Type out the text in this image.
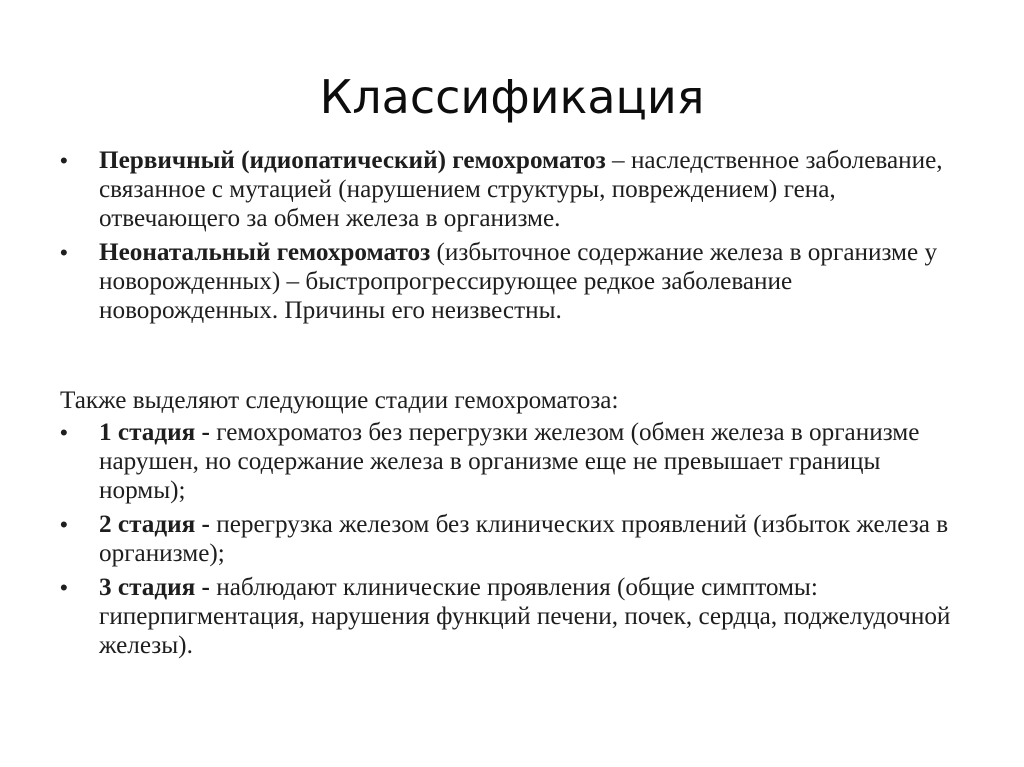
Классификация
• Первичный (идиопатический) гемохроматоз – наследственное заболевание, связанное с мутацией (нарушением структуры, повреждением) гена, отвечающего за обмен железа в организме.
• Неонатальный гемохроматоз (избыточное содержание железа в организме у новорожденных) – быстропрогрессирующее редкое заболевание новорожденных. Причины его неизвестны.
Также выделяют следующие стадии гемохроматоза:
• 1 стадия - гемохроматоз без перегрузки железом (обмен железа в организме нарушен, но содержание железа в организме еще не превышает границы нормы);
• 2 стадия - перегрузка железом без клинических проявлений (избыток железа в организме);
• 3 стадия - наблюдают клинические проявления (общие симптомы: гиперпигментация, нарушения функций печени, почек, сердца, поджелудочной железы).
